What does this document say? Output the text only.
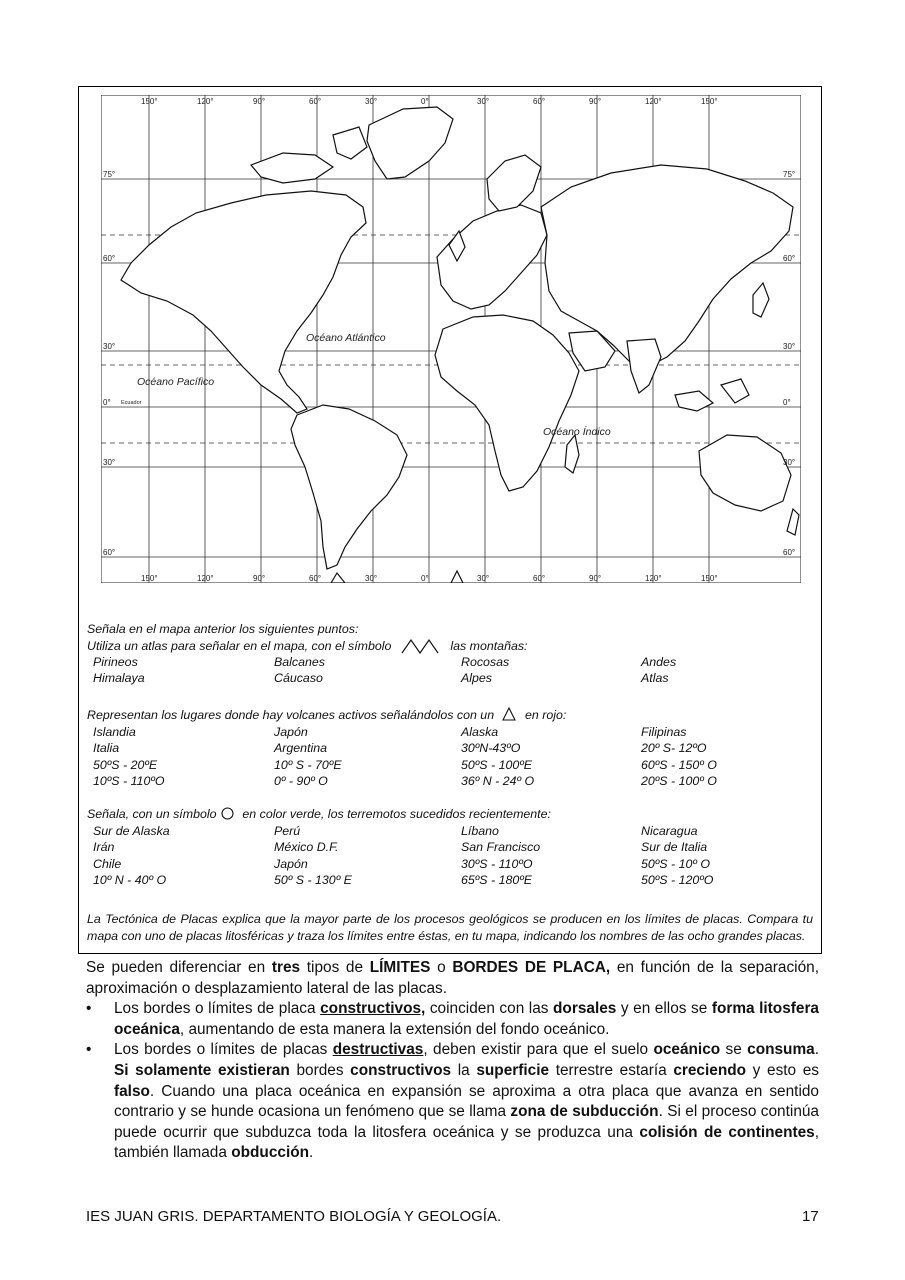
150°	120°	90°	60°	30°	0°	30°	60°	90°	120°	150°
150°	120°	90°	60°	30°	0°	30°	60°	90°	120°	150°
75°	75°
60°	60°
30°	30°
0°	0°
30°	30°
60°	60°
Océano Atlántico
Océano Pacífico
Océano Índico
Ecuador
Señala en el mapa anterior los siguientes puntos:
Utiliza un atlas para señalar en el mapa, con el símbolo	las montañas:
Pirineos	Balcanes	Rocosas	Andes
Himalaya	Cáucaso	Alpes	Atlas
Representan los lugares donde hay volcanes activos señalándolos con un en rojo:
Islandia	Japón	Alaska	Filipinas
Italia	Argentina	30ºN-43ºO	20º S- 12ºO
50ºS - 20ºE	10º S - 70ºE	50ºS - 100ºE	60ºS - 150º O
10ºS - 110ºO	0º - 90º O	36º N - 24º O	20ºS - 100º O
Señala, con un símbolo en color verde, los terremotos sucedidos recientemente:
Sur de Alaska	Perú	Líbano	Nicaragua
Irán	México D.F.	San Francisco	Sur de Italia
Chile	Japón	30ºS - 110ºO	50ºS - 10º O
10º N - 40º O	50º S - 130º E	65ºS - 180ºE	50ºS - 120ºO
La Tectónica de Placas explica que la mayor parte de los procesos geológicos se producen en los límites de placas. Compara tu mapa con uno de placas litosféricas y traza los límites entre éstas, en tu mapa, indicando los nombres de las ocho grandes placas.

Se pueden diferenciar en tres tipos de LÍMITES o BORDES DE PLACA, en función de la separación, aproximación o desplazamiento lateral de las placas.

• Los bordes o límites de placa constructivos, coinciden con las dorsales y en ellos se forma litosfera oceánica, aumentando de esta manera la extensión del fondo oceánico.
• Los bordes o límites de placas destructivas, deben existir para que el suelo oceánico se consuma. Si solamente existieran bordes constructivos la superficie terrestre estaría creciendo y esto es falso. Cuando una placa oceánica en expansión se aproxima a otra placa que avanza en sentido contrario y se hunde ocasiona un fenómeno que se llama zona de subducción. Si el proceso continúa puede ocurrir que subduzca toda la litosfera oceánica y se produzca una colisión de continentes, también llamada obducción.
IES JUAN GRIS. DEPARTAMENTO BIOLOGÍA Y GEOLOGÍA.	17
